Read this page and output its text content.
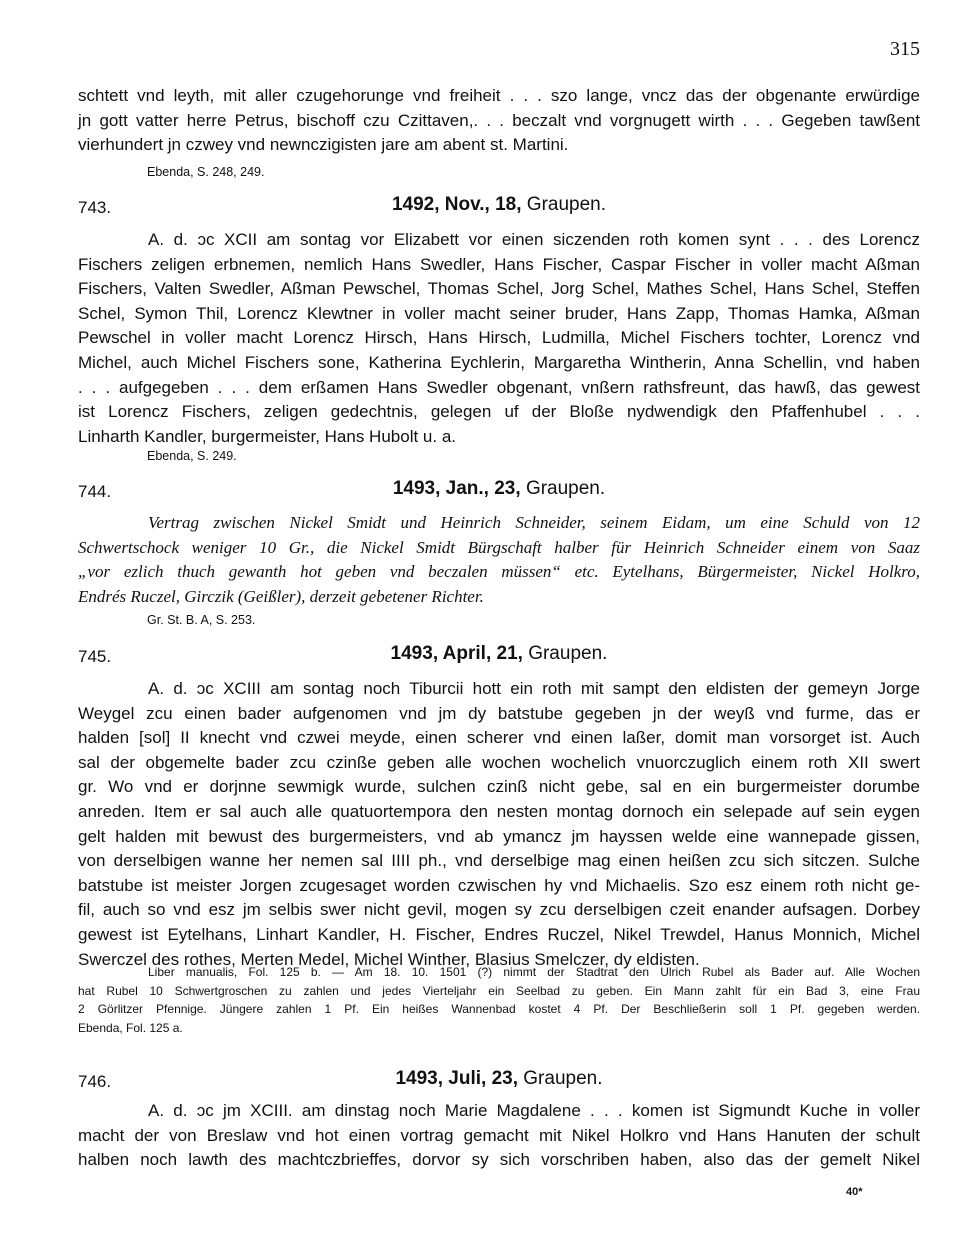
315
schtett vnd leyth, mit aller czugehorunge vnd freiheit . . . szo lange, vncz das der obgenante erwürdige
jn gott vatter herre Petrus, bischoff czu Czittaven,. . . beczalt vnd vorgnugett wirth . . . Gegeben tawßent
vierhundert jn czwey vnd newnczigisten jare am abent st. Martini.
Ebenda, S. 248, 249.
743.	1492, Nov., 18, Graupen.
A. d. ɔc XCII am sontag vor Elizabett vor einen siczenden roth komen synt . . . des Lorencz
Fischers zeligen erbnemen, nemlich Hans Swedler, Hans Fischer, Caspar Fischer in voller macht Aßman
Fischers, Valten Swedler, Aßman Pewschel, Thomas Schel, Jorg Schel, Mathes Schel, Hans Schel, Steffen
Schel, Symon Thil, Lorencz Klewtner in voller macht seiner bruder, Hans Zapp, Thomas Hamka, Aßman
Pewschel in voller macht Lorencz Hirsch, Hans Hirsch, Ludmilla, Michel Fischers tochter, Lorencz vnd
Michel, auch Michel Fischers sone, Katherina Eychlerin, Margaretha Wintherin, Anna Schellin, vnd haben
. . . aufgegeben . . . dem erßamen Hans Swedler obgenant, vnßern rathsfreunt, das hawß, das gewest
ist Lorencz Fischers, zeligen gedechtnis, gelegen uf der Bloße nydwendigk den Pfaffenhubel . . .
Linharth Kandler, burgermeister, Hans Hubolt u. a.
Ebenda, S. 249.
744.	1493, Jan., 23, Graupen.
Vertrag zwischen Nickel Smidt und Heinrich Schneider, seinem Eidam, um eine Schuld von 12
Schwertschock weniger 10 Gr., die Nickel Smidt Bürgschaft halber für Heinrich Schneider einem von Saaz
„vor ezlich thuch gewanth hot geben vnd beczalen müssen“ etc. Eytelhans, Bürgermeister, Nickel Holkro,
Endrés Ruczel, Girczik (Geißler), derzeit gebetener Richter.
Gr. St. B. A, S. 253.
745.	1493, April, 21, Graupen.
A. d. ɔc XCIII am sontag noch Tiburcii hott ein roth mit sampt den eldisten der gemeyn Jorge
Weygel zcu einen bader aufgenomen vnd jm dy batstube gegeben jn der weyß vnd furme, das er
halden [sol] II knecht vnd czwei meyde, einen scherer vnd einen laßer, domit man vorsorget ist. Auch
sal der obgemelte bader zcu czinße geben alle wochen wochelich vnuorczuglich einem roth XII swert
gr. Wo vnd er dorjnne sewmigk wurde, sulchen czinß nicht gebe, sal en ein burgermeister dorumbe
anreden. Item er sal auch alle quatuortempora den nesten montag dornoch ein selepade auf sein eygen
gelt halden mit bewust des burgermeisters, vnd ab ymancz jm hayssen welde eine wannepade gissen,
von derselbigen wanne her nemen sal IIII ph., vnd derselbige mag einen heißen zcu sich sitczen. Sulche
batstube ist meister Jorgen zcugesaget worden czwischen hy vnd Michaelis. Szo esz einem roth nicht ge-
fil, auch so vnd esz jm selbis swer nicht gevil, mogen sy zcu derselbigen czeit enander aufsagen. Dorbey
gewest ist Eytelhans, Linhart Kandler, H. Fischer, Endres Ruczel, Nikel Trewdel, Hanus Monnich, Michel
Swerczel des rothes, Merten Medel, Michel Winther, Blasius Smelczer, dy eldisten.
Liber manualis, Fol. 125 b. — Am 18. 10. 1501 (?) nimmt der Stadtrat den Ulrich Rubel als Bader auf. Alle Wochen
hat Rubel 10 Schwertgroschen zu zahlen und jedes Vierteljahr ein Seelbad zu geben. Ein Mann zahlt für ein Bad 3, eine Frau
2 Görlitzer Pfennige. Jüngere zahlen 1 Pf. Ein heißes Wannenbad kostet 4 Pf. Der Beschließerin soll 1 Pf. gegeben werden.
Ebenda, Fol. 125 a.
746.	1493, Juli, 23, Graupen.
A. d. ɔc jm XCIII. am dinstag noch Marie Magdalene . . . komen ist Sigmundt Kuche in voller
macht der von Breslaw vnd hot einen vortrag gemacht mit Nikel Holkro vnd Hans Hanuten der schult
halben noch lawth des machtczbrieffes, dorvor sy sich vorschriben haben, also das der gemelt Nikel
40*
